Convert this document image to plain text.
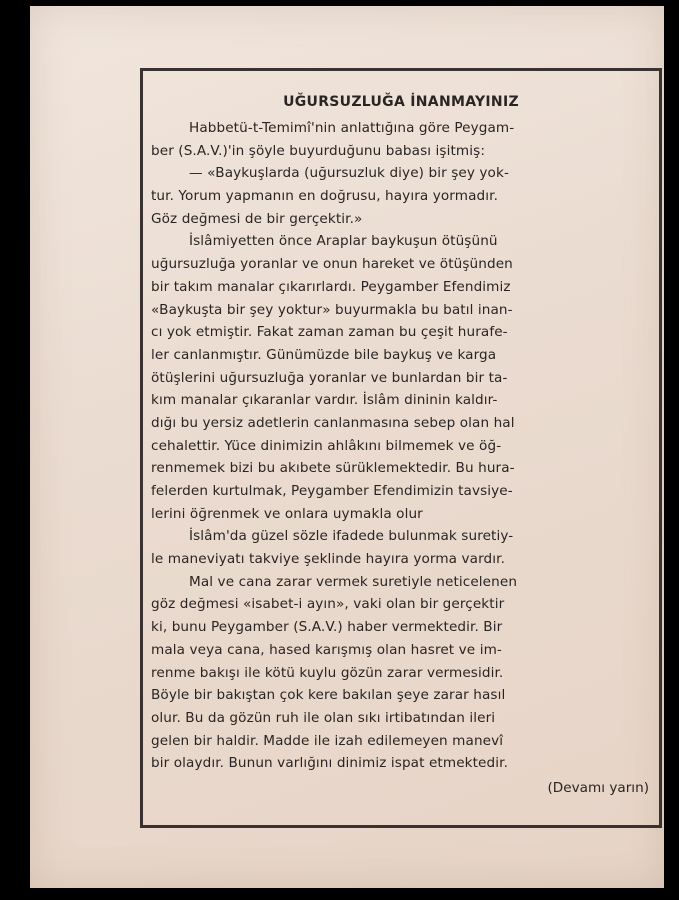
UĞURSUZLUĞA İNANMAYINIZ

Habbetü-t-Temimî'nin anlattığına göre Peygam-
ber (S.A.V.)'in şöyle buyurduğunu babası işitmiş:
— «Baykuşlarda (uğursuzluk diye) bir şey yok-
tur. Yorum yapmanın en doğrusu, hayıra yormadır.
Göz değmesi de bir gerçektir.»

İslâmiyetten önce Araplar baykuşun ötüşünü
uğursuzluğa yoranlar ve onun hareket ve ötüşünden
bir takım manalar çıkarırlardı. Peygamber Efendimiz
«Baykuşta bir şey yoktur» buyurmakla bu batıl inan-
cı yok etmiştir. Fakat zaman zaman bu çeşit hurafe-
ler canlanmıştır. Günümüzde bile baykuş ve karga
ötüşlerini uğursuzluğa yoranlar ve bunlardan bir ta-
kım manalar çıkaranlar vardır. İslâm dininin kaldır-
dığı bu yersiz adetlerin canlanmasına sebep olan hal
cehalettir. Yüce dinimizin ahlâkını bilmemek ve öğ-
renmemek bizi bu akıbete sürüklemektedir. Bu hura-
felerden kurtulmak, Peygamber Efendimizin tavsiye-
lerini öğrenmek ve onlara uymakla olur

İslâm'da güzel sözle ifadede bulunmak suretiy-
le maneviyatı takviye şeklinde hayıra yorma vardır.

Mal ve cana zarar vermek suretiyle neticelenen
göz değmesi «isabet-i ayın», vaki olan bir gerçektir
ki, bunu Peygamber (S.A.V.) haber vermektedir. Bir
mala veya cana, hased karışmış olan hasret ve im-
renme bakışı ile kötü kuylu gözün zarar vermesidir.
Böyle bir bakıştan çok kere bakılan şeye zarar hasıl
olur. Bu da gözün ruh ile olan sıkı irtibatından ileri
gelen bir haldir. Madde ile izah edilemeyen manevî
bir olaydır. Bunun varlığını dinimiz ispat etmektedir.

(Devamı yarın)
